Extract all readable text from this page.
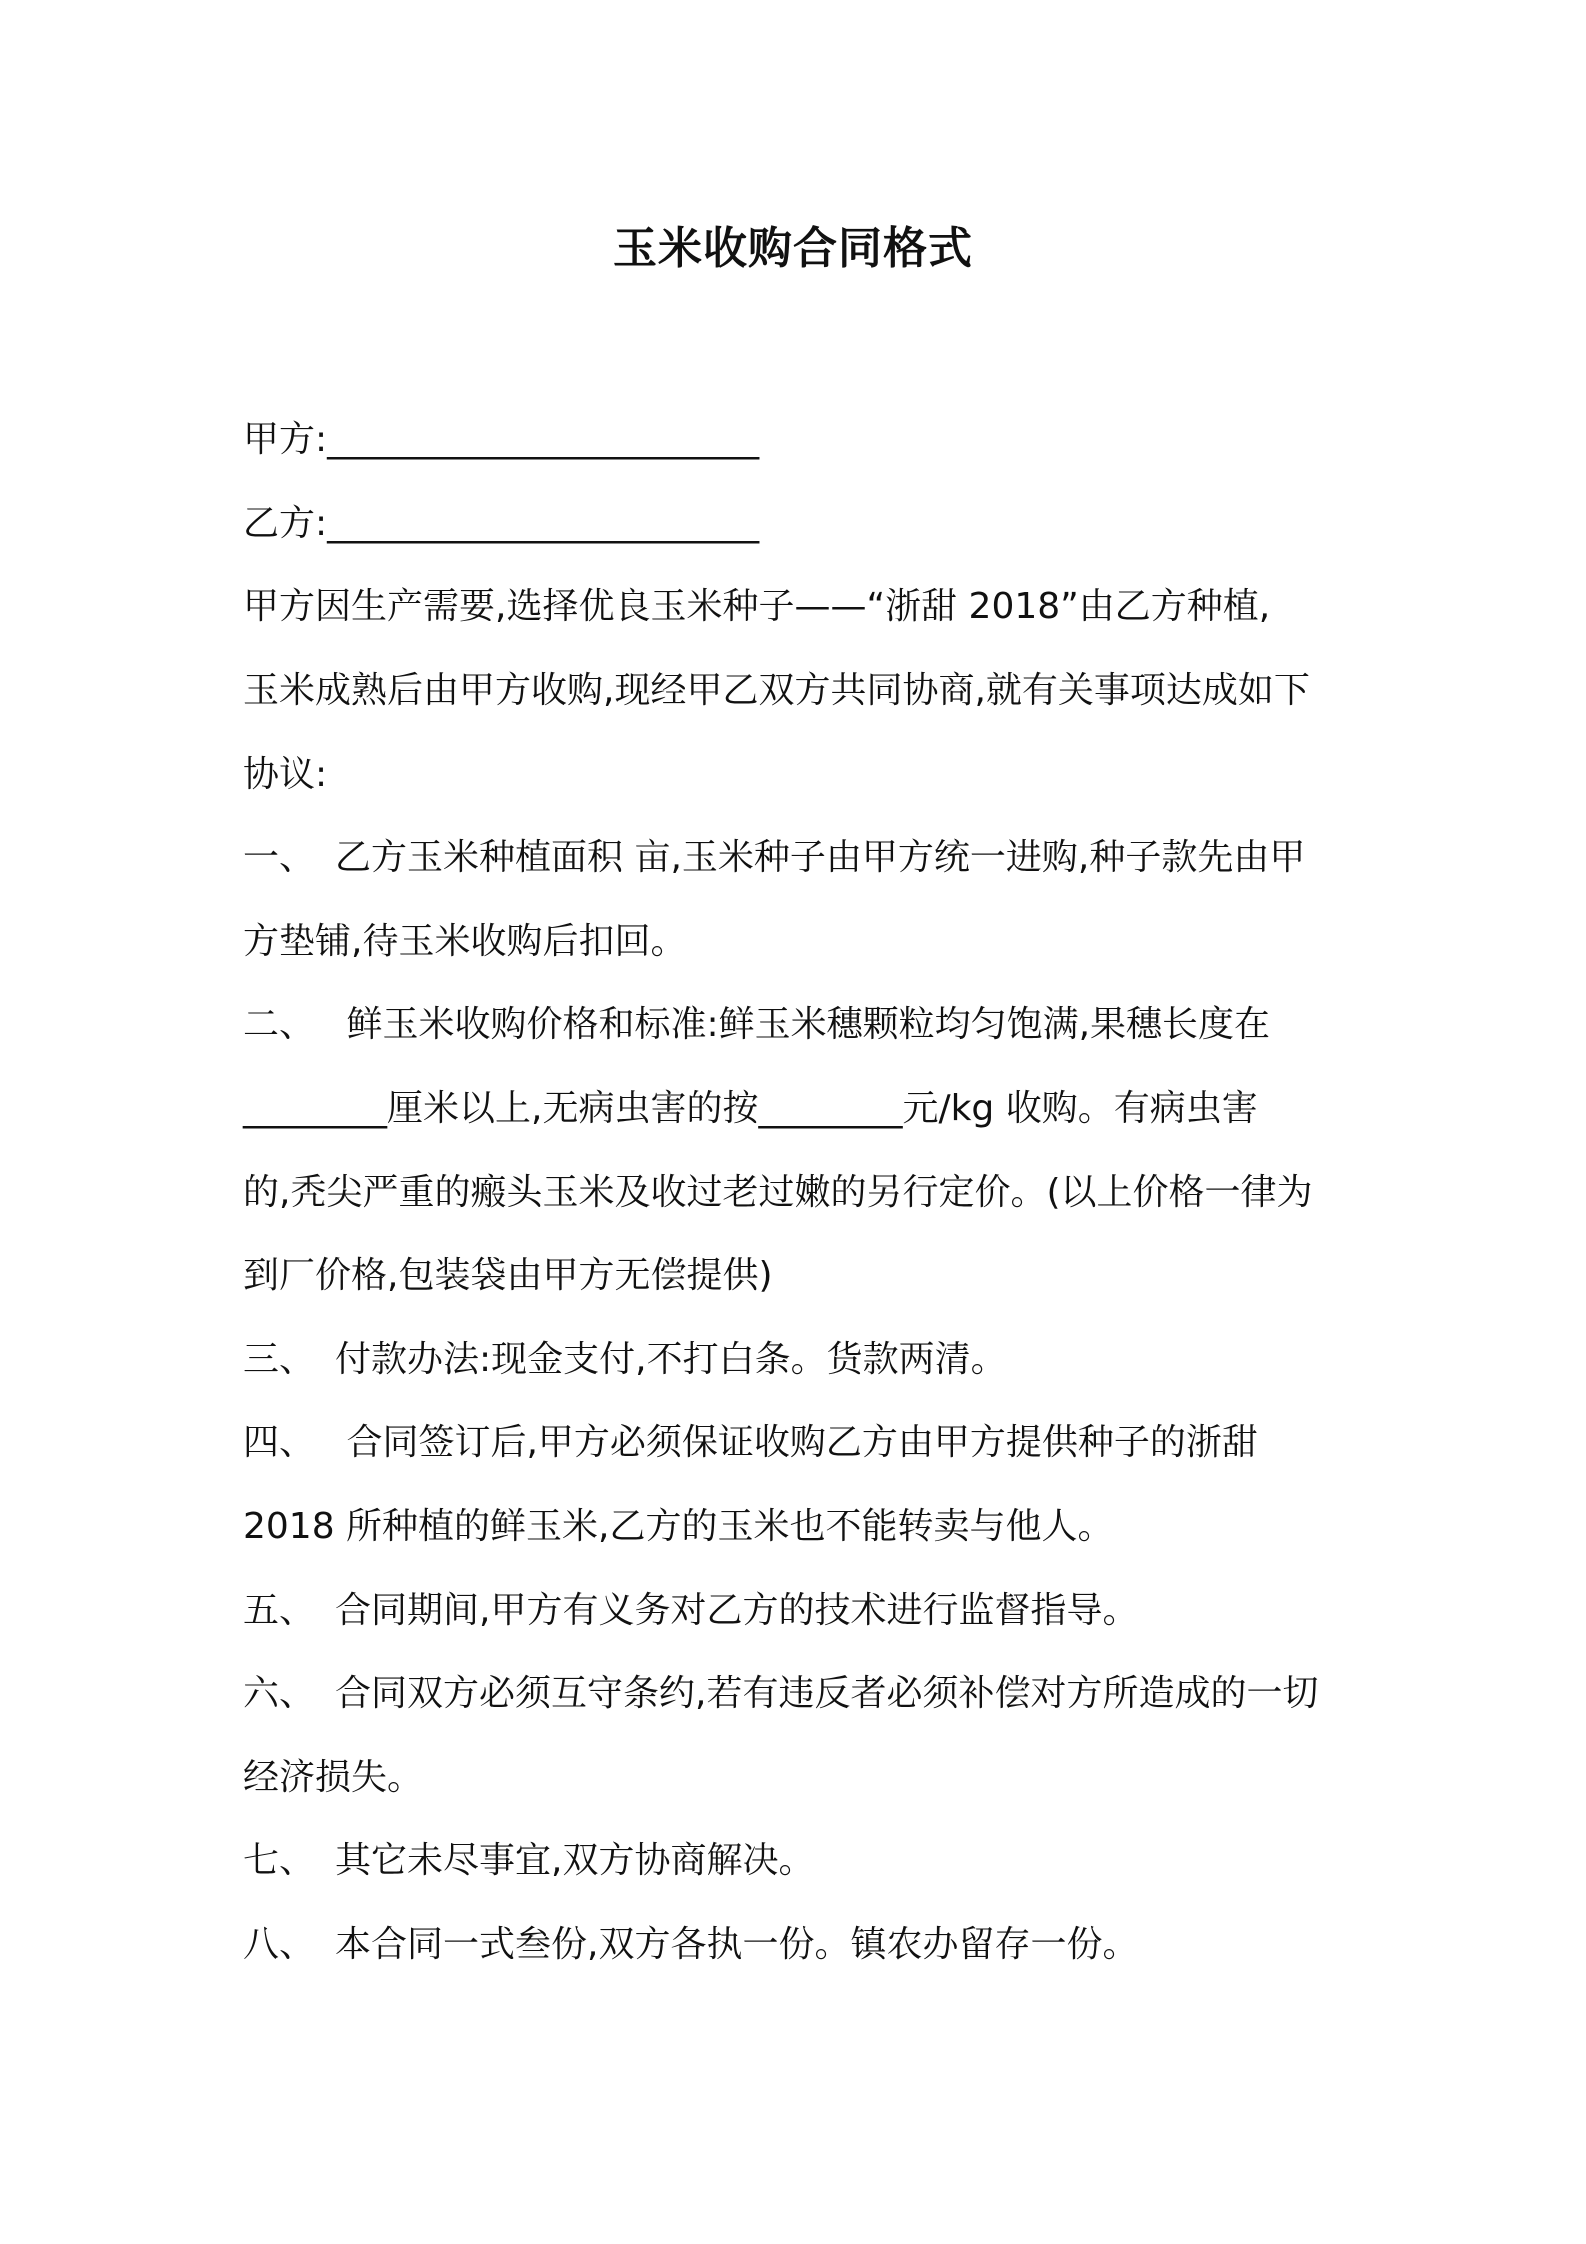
玉米收购合同格式
甲方:________________________
乙方:________________________
甲方因生产需要,选择优良玉米种子——“浙甜 2018”由乙方种植,
玉米成熟后由甲方收购,现经甲乙双方共同协商,就有关事项达成如下
协议:
一、 乙方玉米种植面积 亩,玉米种子由甲方统一进购,种子款先由甲
方垫铺,待玉米收购后扣回。
二、 鲜玉米收购价格和标准:鲜玉米穗颗粒均匀饱满,果穗长度在
________厘米以上,无病虫害的按________元/kg 收购。有病虫害
的,秃尖严重的瘢头玉米及收过老过嫩的另行定价。(以上价格一律为
到厂价格,包装袋由甲方无偿提供)
三、 付款办法:现金支付,不打白条。货款两清。
四、 合同签订后,甲方必须保证收购乙方由甲方提供种子的浙甜
2018 所种植的鲜玉米,乙方的玉米也不能转卖与他人。
五、 合同期间,甲方有义务对乙方的技术进行监督指导。
六、 合同双方必须互守条约,若有违反者必须补偿对方所造成的一切
经济损失。
七、 其它未尽事宜,双方协商解决。
八、 本合同一式叁份,双方各执一份。镇农办留存一份。
